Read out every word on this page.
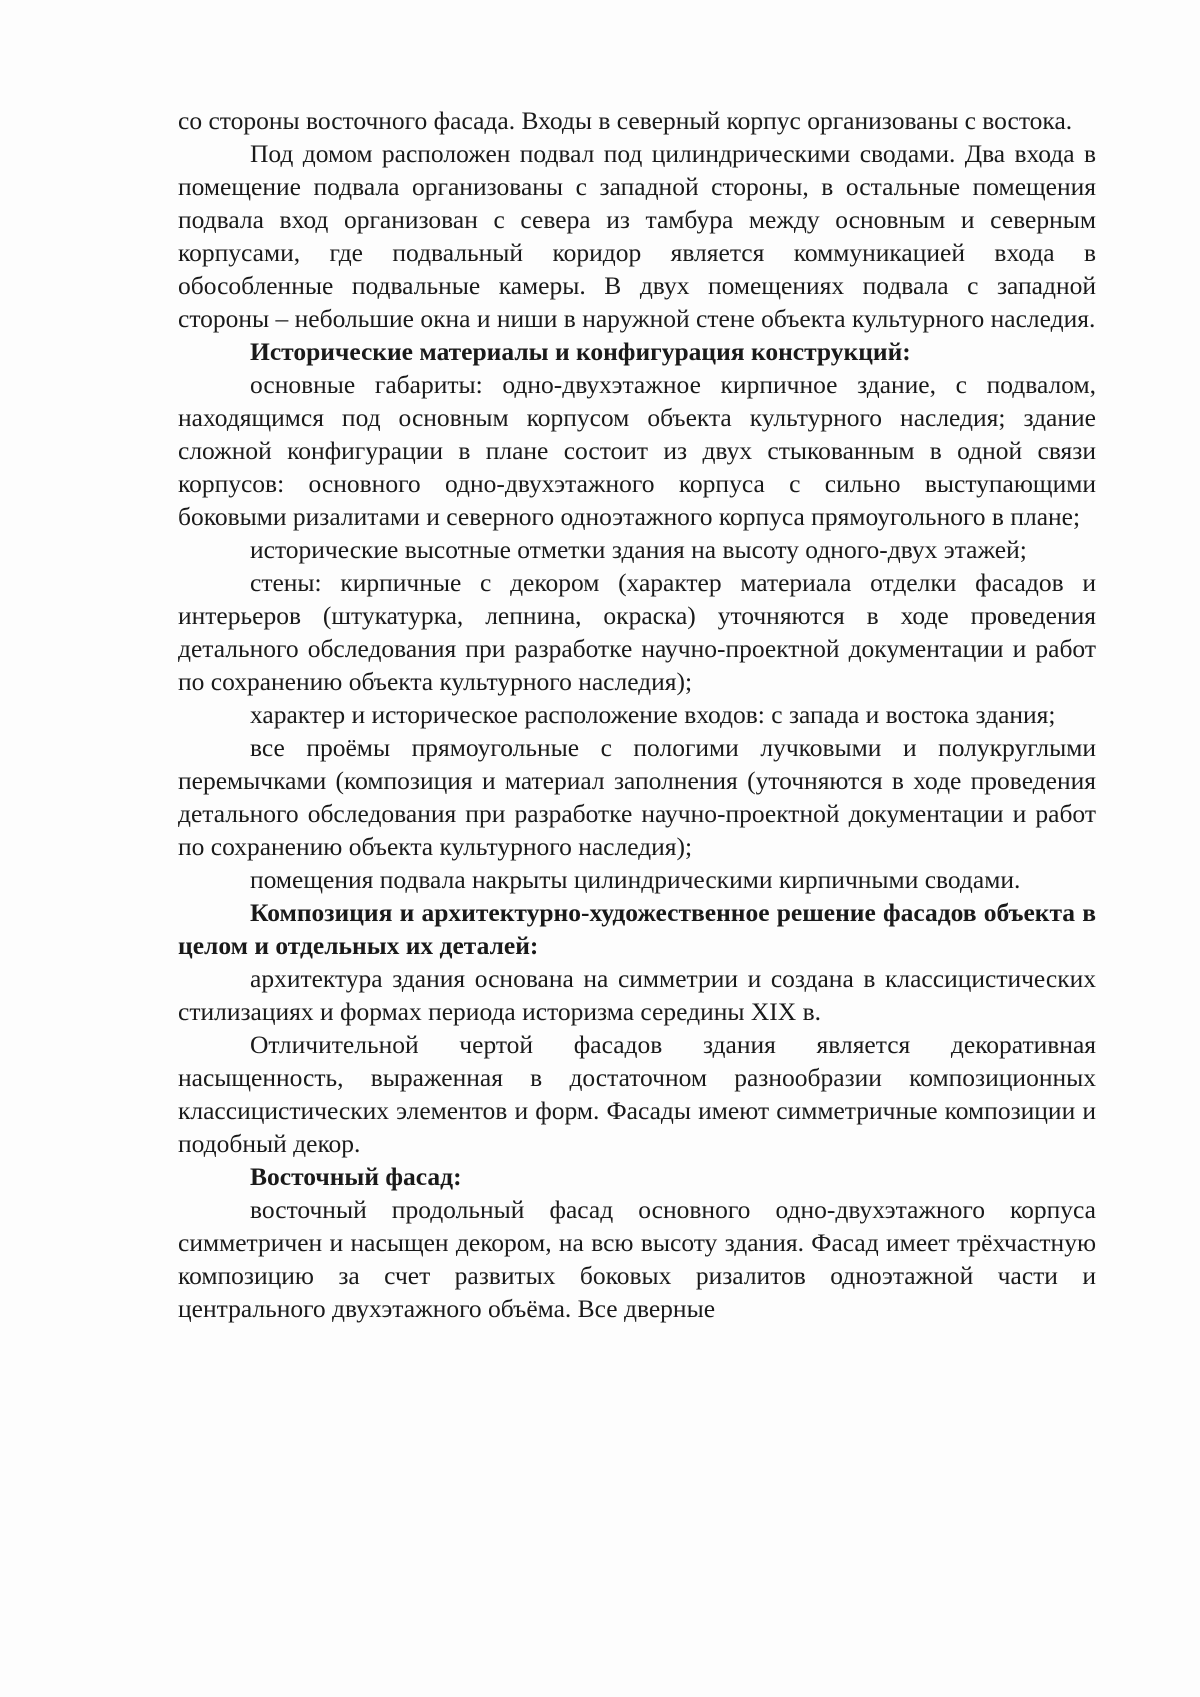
со стороны восточного фасада. Входы в северный корпус организованы с востока.

Под домом расположен подвал под цилиндрическими сводами. Два входа в помещение подвала организованы с западной стороны, в остальные помещения подвала вход организован с севера из тамбура между основным и северным корпусами, где подвальный коридор является коммуникацией входа в обособленные подвальные камеры. В двух помещениях подвала с западной стороны – небольшие окна и ниши в наружной стене объекта культурного наследия.

Исторические материалы и конфигурация конструкций:

основные габариты: одно-двухэтажное кирпичное здание, с подвалом, находящимся под основным корпусом объекта культурного наследия; здание сложной конфигурации в плане состоит из двух стыкованным в одной связи корпусов: основного одно-двухэтажного корпуса с сильно выступающими боковыми ризалитами и северного одноэтажного корпуса прямоугольного в плане;

исторические высотные отметки здания на высоту одного-двух этажей;

стены: кирпичные с декором (характер материала отделки фасадов и интерьеров (штукатурка, лепнина, окраска) уточняются в ходе проведения детального обследования при разработке научно-проектной документации и работ по сохранению объекта культурного наследия);

характер и историческое расположение входов: с запада и востока здания;

все проёмы прямоугольные с пологими лучковыми и полукруглыми перемычками (композиция и материал заполнения (уточняются в ходе проведения детального обследования при разработке научно-проектной документации и работ по сохранению объекта культурного наследия);

помещения подвала накрыты цилиндрическими кирпичными сводами.

Композиция и архитектурно-художественное решение фасадов объекта в целом и отдельных их деталей:

архитектура здания основана на симметрии и создана в классицистических стилизациях и формах периода историзма середины XIX в.

Отличительной чертой фасадов здания является декоративная насыщенность, выраженная в достаточном разнообразии композиционных классицистических элементов и форм. Фасады имеют симметричные композиции и подобный декор.

Восточный фасад:

восточный продольный фасад основного одно-двухэтажного корпуса симметричен и насыщен декором, на всю высоту здания. Фасад имеет трёхчастную композицию за счет развитых боковых ризалитов одноэтажной части и центрального двухэтажного объёма. Все дверные
